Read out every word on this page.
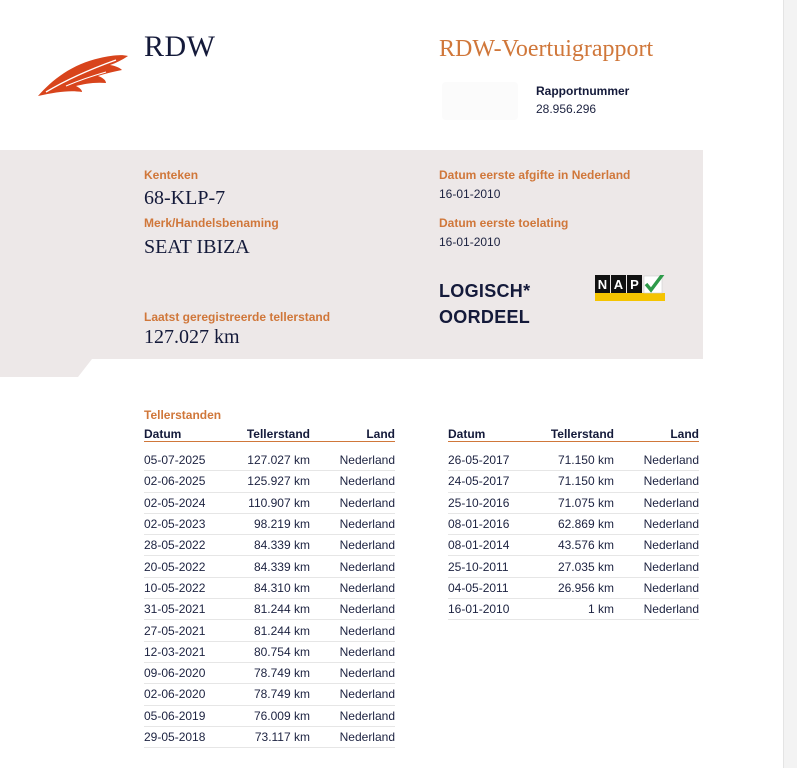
RDW	RDW-Voertuigrapport
Rapportnummer
28.956.296
Kenteken
68-KLP-7
Merk/Handelsbenaming
SEAT IBIZA
Datum eerste afgifte in Nederland
16-01-2010
Datum eerste toelating
16-01-2010
LOGISCH*
OORDEEL
N A P
Laatst geregistreerde tellerstand
127.027 km
Tellerstanden
Datum	Tellerstand	Land

05-07-2025	127.027 km	Nederland
02-06-2025	125.927 km	Nederland
02-05-2024	110.907 km	Nederland
02-05-2023	98.219 km	Nederland
28-05-2022	84.339 km	Nederland
20-05-2022	84.339 km	Nederland
10-05-2022	84.310 km	Nederland
31-05-2021	81.244 km	Nederland
27-05-2021	81.244 km	Nederland
12-03-2021	80.754 km	Nederland
09-06-2020	78.749 km	Nederland
02-06-2020	78.749 km	Nederland
05-06-2019	76.009 km	Nederland
29-05-2018	73.117 km	Nederland
Datum	Tellerstand	Land

26-05-2017	71.150 km	Nederland
24-05-2017	71.150 km	Nederland
25-10-2016	71.075 km	Nederland
08-01-2016	62.869 km	Nederland
08-01-2014	43.576 km	Nederland
25-10-2011	27.035 km	Nederland
04-05-2011	26.956 km	Nederland
16-01-2010	1 km	Nederland
